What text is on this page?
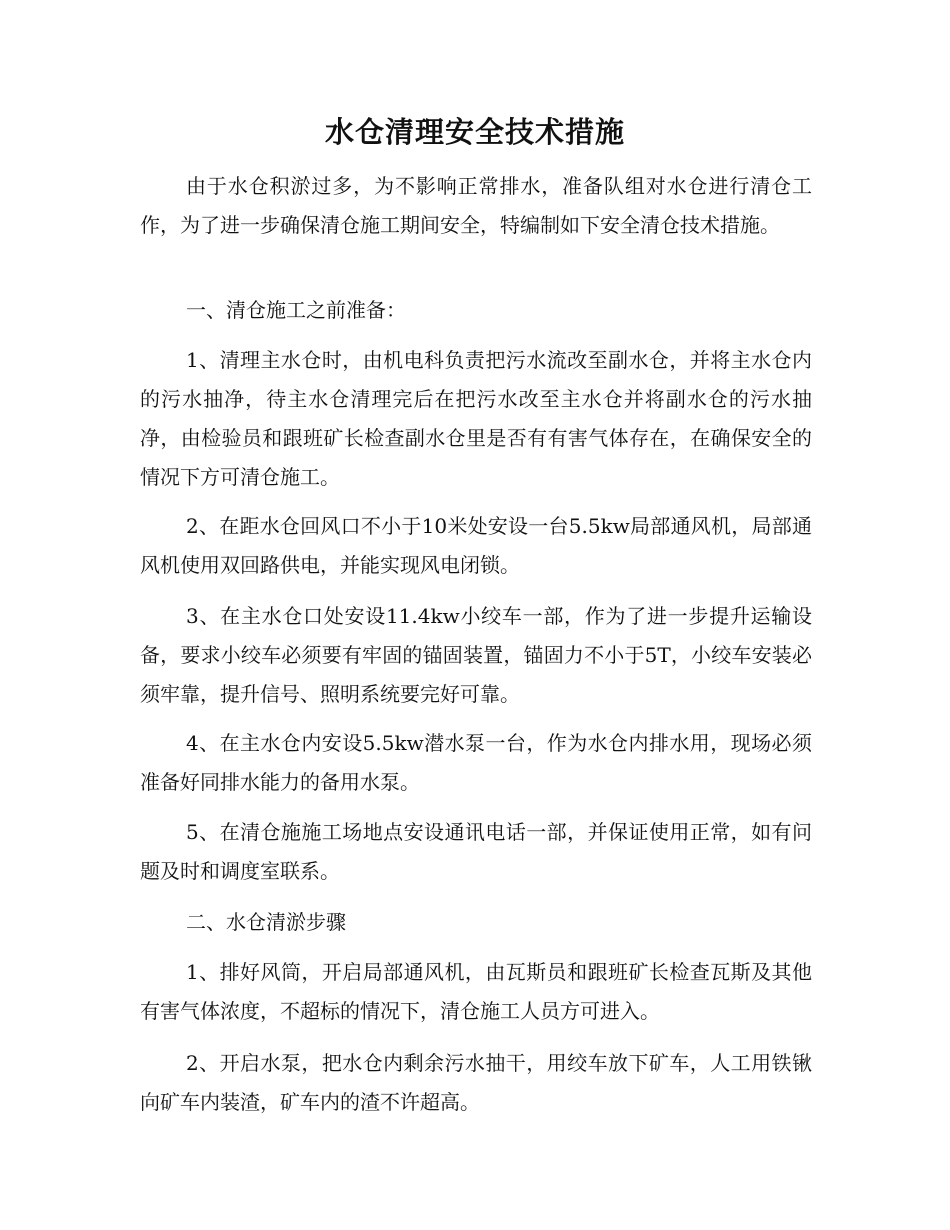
水仓清理安全技术措施

由于水仓积淤过多，为不影响正常排水，准备队组对水仓进行清仓工作，为了进一步确保清仓施工期间安全，特编制如下安全清仓技术措施。

一、清仓施工之前准备：

1、清理主水仓时，由机电科负责把污水流改至副水仓，并将主水仓内的污水抽净，待主水仓清理完后在把污水改至主水仓并将副水仓的污水抽净，由检验员和跟班矿长检查副水仓里是否有有害气体存在，在确保安全的情况下方可清仓施工。

2、在距水仓回风口不小于10米处安设一台5.5kw局部通风机，局部通风机使用双回路供电，并能实现风电闭锁。

3、在主水仓口处安设11.4kw小绞车一部，作为了进一步提升运输设备，要求小绞车必须要有牢固的锚固装置，锚固力不小于5T，小绞车安装必须牢靠，提升信号、照明系统要完好可靠。

4、在主水仓内安设5.5kw潜水泵一台，作为水仓内排水用，现场必须准备好同排水能力的备用水泵。

5、在清仓施施工场地点安设通讯电话一部，并保证使用正常，如有问题及时和调度室联系。

二、水仓清淤步骤

1、排好风筒，开启局部通风机，由瓦斯员和跟班矿长检查瓦斯及其他有害气体浓度，不超标的情况下，清仓施工人员方可进入。

2、开启水泵，把水仓内剩余污水抽干，用绞车放下矿车，人工用铁锹向矿车内装渣，矿车内的渣不许超高。
